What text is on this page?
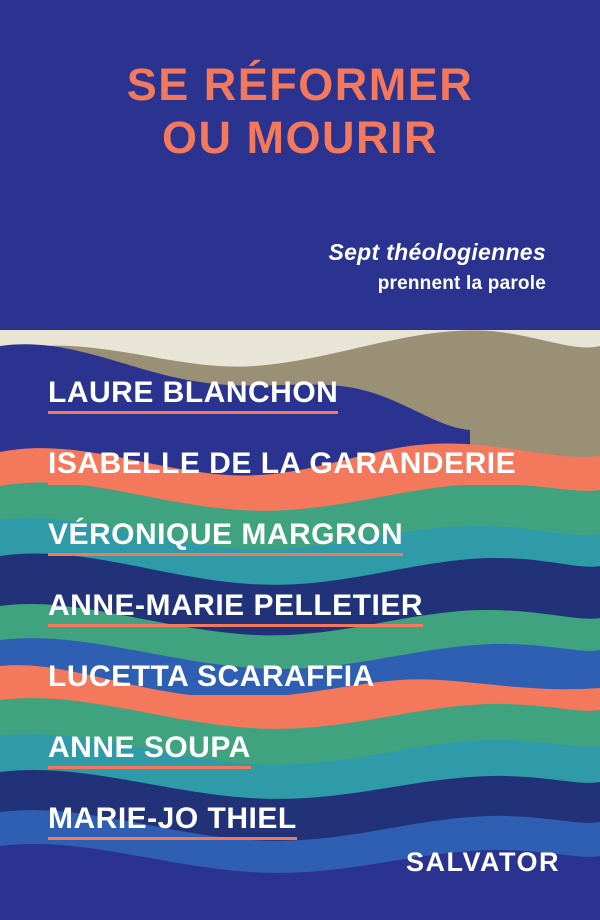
SE RÉFORMER
OU MOURIR
Sept théologiennes
prennent la parole
LAURE BLANCHON
ISABELLE DE LA GARANDERIE
VÉRONIQUE MARGRON
ANNE-MARIE PELLETIER
LUCETTA SCARAFFIA
ANNE SOUPA
MARIE-JO THIEL
SALVATOR
